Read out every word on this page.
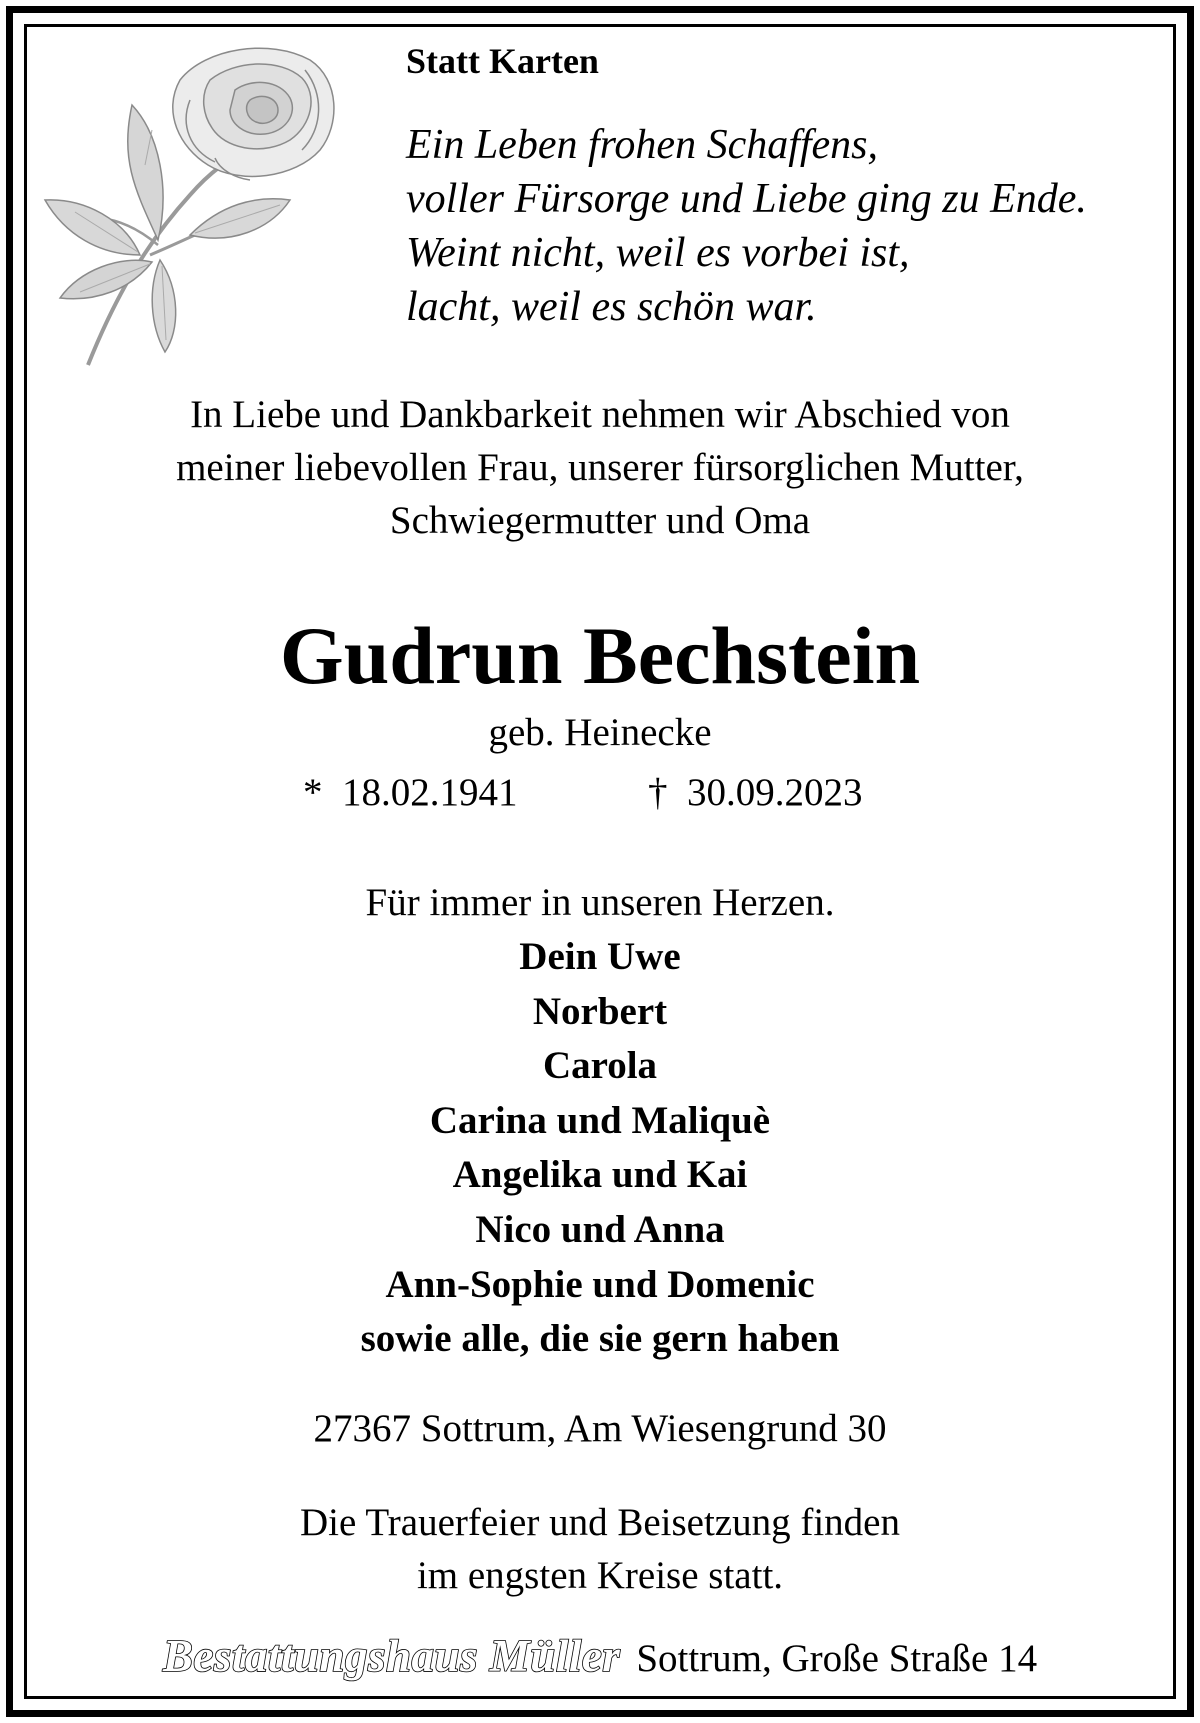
Statt Karten
Ein Leben frohen Schaffens,
voller Fürsorge und Liebe ging zu Ende.
Weint nicht, weil es vorbei ist,
lacht, weil es schön war.
In Liebe und Dankbarkeit nehmen wir Abschied von
meiner liebevollen Frau, unserer fürsorglichen Mutter,
Schwiegermutter und Oma
Gudrun Bechstein
geb. Heinecke
* 18.02.1941	† 30.09.2023
Für immer in unseren Herzen.
Dein Uwe
Norbert
Carola
Carina und Maliquè
Angelika und Kai
Nico und Anna
Ann-Sophie und Domenic
sowie alle, die sie gern haben
27367 Sottrum, Am Wiesengrund 30
Die Trauerfeier und Beisetzung finden
im engsten Kreise statt.
Bestattungshaus Müller Sottrum, Große Straße 14
